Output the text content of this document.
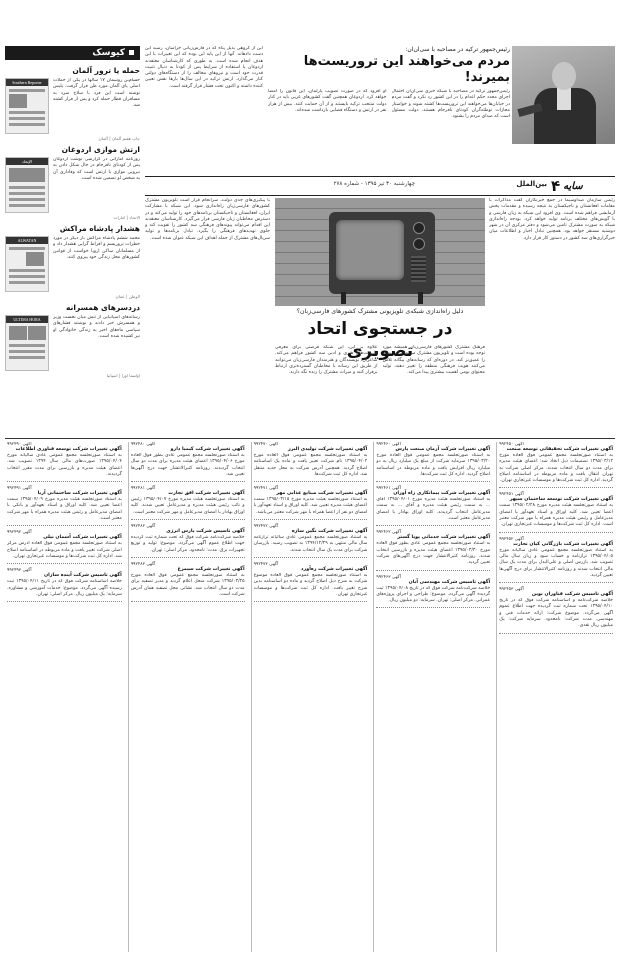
کیوسک
حمله یا ترور آلمان
Southern Reporter	حسام‌بن روسمان ١٧ سالها در یکی از حملات اصلی پای آلمان مورد ظن قرار گرفت. پلیس نوشته است این فرد با سلاح سرد به مسافران قطار حمله کرد و پس از فرار کشته شد.
چاپ هفتم آلمان | آلمان
ارتش موازی اردوغان
الإتحاد	روزنامه اماراتی در گزارشی نوشت اردوغان پس از کودتای نافرجام در حال شکل دادن به نیرویی موازی با ارتش است که وفاداری آن به شخص او تضمین شده است.
الاتحاد | امارات
هشدار پادشاه مراکش
ALWATAN	محمد ششم پادشاه مراکش بار دیگر در مورد خطرات تروریسم و افراط گرایی هشدار داد و از مسلمانان ساکن اروپا خواست از قوانین کشورهای محل زندگی خود پیروی کنند.
الوطن | عمان
دردسرهای همسرانه
ULTIMA HORA	رسانه‌های اسپانیایی از تنش میان نخست وزیر و همسرش خبر دادند و نوشتند فشارهای سیاسی ماه‌های اخیر به زندگی خانوادگی او نیز کشیده شده است.
اولتیما اورا | اسپانیا
این از گروهی بدیل پناه که در فارس‌زبانی خراسان، رسید این دست دادهاند. آنها از این پایه این بوده که این تغییرات با این هدف انجام شده است. به طوری که کارشناسان معتقدند اردوغان با استفاده از شرایط پس از کودتا به دنبال تثبیت قدرت خود است و نیروهای مخالف را از دستگاه‌های دولتی کنار می‌گذارد. ارتش ترکیه در این سال‌ها بارها نقش تعیین کننده داشته و اکنون تحت فشار قرار گرفته است.
رئیس‌جمهور ترکیه در مصاحبه با سی‌ان‌ان:
مردم می‌خواهند این تروریست‌ها بمیرند!
رئیس‌جمهور ترکیه در مصاحبه با شبکه خبری سی‌ان‌ان احتمال اجرای مجدد حکم اعدام را در این کشور رد نکرد و گفت مردم در خیابان‌ها می‌خواهند این تروریست‌ها کشته شوند و خواستار مجازات توطئه‌گران کودتای نافرجام هستند. دولت مسئول است که صدای مردم را بشنود.
او افزود که در صورت تصویب پارلمان، این قانون را امضا خواهد کرد. اردوغان همچنین گفت کشورهای غربی باید در کنار دولت منتخب ترکیه بایستند و از آن حمایت کنند. بیش از هزار نفر در ارتش و دستگاه قضایی بازداشت شده‌اند.
سایه
۴
بین‌الملل
چهارشنبه ۳۰ تیر ۱۳۹۵ - شماره ۲۷۸
با پیگیری‌های جدی دولت، سرانجام قرار است تلویزیون مشترک کشورهای فارسی‌زبان راه‌اندازی شود. این شبکه با مشارکت ایران، افغانستان و تاجیکستان برنامه‌های خود را تولید می‌کند و در دسترس مخاطبان زبان فارسی قرار می‌گیرد. کارشناسان معتقدند این اقدام می‌تواند پیوندهای فرهنگی سه کشور را تقویت کند و جلوی تهدیدهای فرهنگی را بگیرد. تبادل برنامه‌ها و تولید سریال‌های مشترک از جمله اهداف این شبکه عنوان شده است.
رئیس سازمان صداوسیما در جمع خبرنگاران گفت مذاکرات با مقامات افغانستان و تاجیکستان به نتیجه رسیده و مقدمات پخش آزمایشی فراهم شده است. وی افزود این شبکه به زبان فارسی و با گویش‌های مختلف برنامه تولید خواهد کرد. بودجه راه‌اندازی شبکه به صورت مشترک تامین می‌شود و دفتر مرکزی آن در شهر دوشنبه مستقر خواهد بود. همچنین تبادل اخبار و اطلاعات میان خبرگزاری‌های سه کشور در دستور کار قرار دارد.
دلیل راه‌اندازی شبکه‌ی تلویزیونی مشترک کشورهای فارسی‌زبان؟
در جستجوی اتحاد تصویری
فرهنگ مشترک کشورهای فارسی‌زبان همیشه مورد توجه بوده است و تلویزیون مشترک می‌تواند این پیوند را عمیق‌تر کند. در دوره‌ای که رسانه‌های بیگانه تلاش می‌کنند هویت فرهنگی منطقه را تغییر دهند، تولید محتوای بومی اهمیت بیشتری پیدا می‌کند.
علاوه بر این، این شبکه فرصتی برای معرفی ظرفیت‌های هنری و ادبی سه کشور فراهم می‌کند. شاعران، نویسندگان و هنرمندان فارسی‌زبان می‌توانند از طریق این رسانه با مخاطبان گسترده‌تری ارتباط برقرار کنند و میراث مشترک را زنده نگه دارند.
آگهی ۹۹۲۴۵۰
آگهی تغییرات شرکت تحقیقاتی توسعه صنعت
به استناد صورتجلسه مجمع عمومی فوق العاده مورخ ۱۳۹۵/۰۳/۱۲ تصمیمات ذیل اتخاذ شد: اعضای هیئت مدیره برای مدت دو سال انتخاب شدند. مرکز اصلی شرکت به تهران انتقال یافت و ماده مربوطه در اساسنامه اصلاح گردید. اداره کل ثبت شرکت‌ها و موسسات غیرتجاری تهران.
آگهی ۹۹۲۴۵۱
آگهی تغییرات شرکت توسعه ساختمان سپهر
به استناد صورتجلسه هیئت مدیره مورخ ۱۳۹۵/۰۲/۲۸ سمت اعضا تعیین شد. کلیه اوراق و اسناد تعهدآور با امضای مدیرعامل و رئیس هیئت مدیره همراه با مهر شرکت معتبر است. اداره کل ثبت شرکت‌ها و موسسات غیرتجاری تهران.
آگهی ۹۹۲۴۵۲
آگهی تغییرات شرکت بازرگانی کیان تجارت
به استناد صورتجلسه مجمع عمومی عادی سالیانه مورخ ۱۳۹۵/۰۴/۰۵ ترازنامه و حساب سود و زیان سال مالی تصویب شد. بازرس اصلی و علی‌البدل برای مدت یک سال مالی انتخاب شدند و روزنامه کثیرالانتشار برای درج آگهی‌ها تعیین گردید.
آگهی ۹۹۲۴۵۳
آگهی تاسیس شرکت فناوران نوین
خلاصه شرکت‌نامه و اساسنامه شرکت فوق که در تاریخ ۱۳۹۵/۰۴/۱۰ تحت شماره ثبت گردیده جهت اطلاع عموم آگهی می‌گردد. موضوع شرکت: ارائه خدمات فنی و مهندسی. مدت شرکت: نامحدود. سرمایه شرکت: یک میلیون ریال نقدی.
آگهی ۹۹۲۴۶۰
آگهی تغییرات شرکت آرمان صنعت پارس
به استناد صورتجلسه مجمع عمومی فوق العاده مورخ ۱۳۹۵/۰۳/۲۰ سرمایه شرکت از مبلغ یک میلیارد ریال به دو میلیارد ریال افزایش یافت و ماده مربوطه در اساسنامه اصلاح گردید. اداره کل ثبت شرکت‌ها.
آگهی ۹۹۲۴۶۱
آگهی تغییرات شرکت پیمانکاری راه آوران
به استناد صورتجلسه هیئت مدیره مورخ ۱۳۹۵/۰۴/۰۱ آقای ... به سمت رئیس هیئت مدیره و آقای ... به سمت مدیرعامل انتخاب گردیدند. کلیه اوراق بهادار با امضای مدیرعامل معتبر است.
آگهی ۹۹۲۴۶۲
آگهی تغییرات شرکت خدماتی پویا گستر
به استناد صورتجلسه مجمع عمومی عادی بطور فوق العاده مورخ ۱۳۹۵/۰۳/۳۰ اعضای هیئت مدیره و بازرسین انتخاب شدند. روزنامه کثیرالانتشار جهت درج آگهی‌های شرکت تعیین گردید.
آگهی ۹۹۲۴۶۳
آگهی تاسیس شرکت مهندسی آبان
خلاصه شرکت‌نامه شرکت فوق که در تاریخ ۱۳۹۵/۰۴/۰۸ ثبت گردیده آگهی می‌گردد. موضوع: طراحی و اجرای پروژه‌های عمرانی. مرکز اصلی: تهران. سرمایه: دو میلیون ریال.
آگهی ۹۹۲۴۷۰
آگهی تغییرات شرکت تولیدی البرز
به استناد صورتجلسه مجمع عمومی فوق العاده مورخ ۱۳۹۵/۰۴/۰۲ نام شرکت تغییر یافت و ماده یک اساسنامه اصلاح گردید. همچنین آدرس شرکت به محل جدید منتقل شد. اداره کل ثبت شرکت‌ها.
آگهی ۹۹۲۴۷۱
آگهی تغییرات شرکت صنایع غذایی مهر
به استناد صورتجلسه هیئت مدیره مورخ ۱۳۹۵/۰۳/۱۵ سمت اعضای هیئت مدیره تعیین شد. کلیه اوراق و اسناد تعهدآور با امضای دو نفر از اعضا همراه با مهر شرکت معتبر می‌باشد.
آگهی ۹۹۲۴۷۲
آگهی تغییرات شرکت نگین سازه
به استناد صورتجلسه مجمع عمومی عادی سالیانه ترازنامه سال مالی منتهی به ۱۳۹۴/۱۲/۲۹ به تصویب رسید. بازرسان شرکت برای مدت یک سال انتخاب شدند.
آگهی ۹۹۲۴۷۳
آگهی تغییرات شرکت ره‌آورد
به استناد صورتجلسه مجمع عمومی فوق العاده موضوع شرکت به شرح ذیل اصلاح گردید و ماده دو اساسنامه بدین شرح تغییر یافت. اداره کل ثبت شرکت‌ها و موسسات غیرتجاری تهران.
آگهی ۹۹۲۴۸۰
آگهی تغییرات شرکت کیمیا دارو
به استناد صورتجلسه مجمع عمومی عادی بطور فوق العاده مورخ ۱۳۹۵/۰۴/۰۶ اعضای هیئت مدیره برای مدت دو سال انتخاب گردیدند. روزنامه کثیرالانتشار جهت درج آگهی‌ها تعیین شد.
آگهی ۹۹۲۴۸۱
آگهی تغییرات شرکت افق تجارت
به استناد صورتجلسه هیئت مدیره مورخ ۱۳۹۵/۰۴/۰۷ رئیس و نائب رئیس هیئت مدیره و مدیرعامل تعیین شدند. کلیه اوراق بهادار با امضای مدیرعامل و مهر شرکت معتبر است.
آگهی ۹۹۲۴۸۲
آگهی تاسیس شرکت پارس انرژی
خلاصه شرکت‌نامه شرکت فوق که تحت شماره ثبت گردیده جهت اطلاع عموم آگهی می‌گردد. موضوع: تولید و توزیع تجهیزات برق. مدت: نامحدود. مرکز اصلی: تهران.
آگهی ۹۹۲۴۸۳
آگهی تغییرات شرکت سیمرغ
به استناد صورتجلسه مجمع عمومی فوق العاده مورخ ۱۳۹۵/۰۳/۲۵ شرکت منحل اعلام گردید و مدیر تصفیه برای مدت دو سال انتخاب شد. نشانی محل تصفیه همان آدرس شرکت است.
آگهی ۹۹۲۴۹۰
آگهی تغییرات شرکت توسعه فناوری اطلاعات
به استناد صورتجلسه مجمع عمومی عادی سالیانه مورخ ۱۳۹۵/۰۴/۰۴ صورت‌های مالی سال ۱۳۹۴ تصویب شد. اعضای هیئت مدیره و بازرسین برای مدت مقرر انتخاب گردیدند.
آگهی ۹۹۲۴۹۱
آگهی تغییرات شرکت ساختمانی آریا
به استناد صورتجلسه هیئت مدیره مورخ ۱۳۹۵/۰۴/۰۹ سمت اعضا تعیین شد. کلیه اوراق و اسناد تعهدآور و بانکی با امضای مدیرعامل و رئیس هیئت مدیره همراه با مهر شرکت معتبر است.
آگهی ۹۹۲۴۹۲
آگهی تغییرات شرکت آسمان نیلی
به استناد صورتجلسه مجمع عمومی فوق العاده آدرس مرکز اصلی شرکت تغییر یافت و ماده مربوطه در اساسنامه اصلاح شد. اداره کل ثبت شرکت‌ها و موسسات غیرتجاری تهران.
آگهی ۹۹۲۴۹۳
آگهی تاسیس شرکت آینده سازان
خلاصه اساسنامه شرکت فوق که در تاریخ ۱۳۹۵/۰۴/۱۱ ثبت رسیده آگهی می‌گردد. موضوع: خدمات آموزشی و مشاوره. سرمایه: یک میلیون ریال. مرکز اصلی: تهران.
